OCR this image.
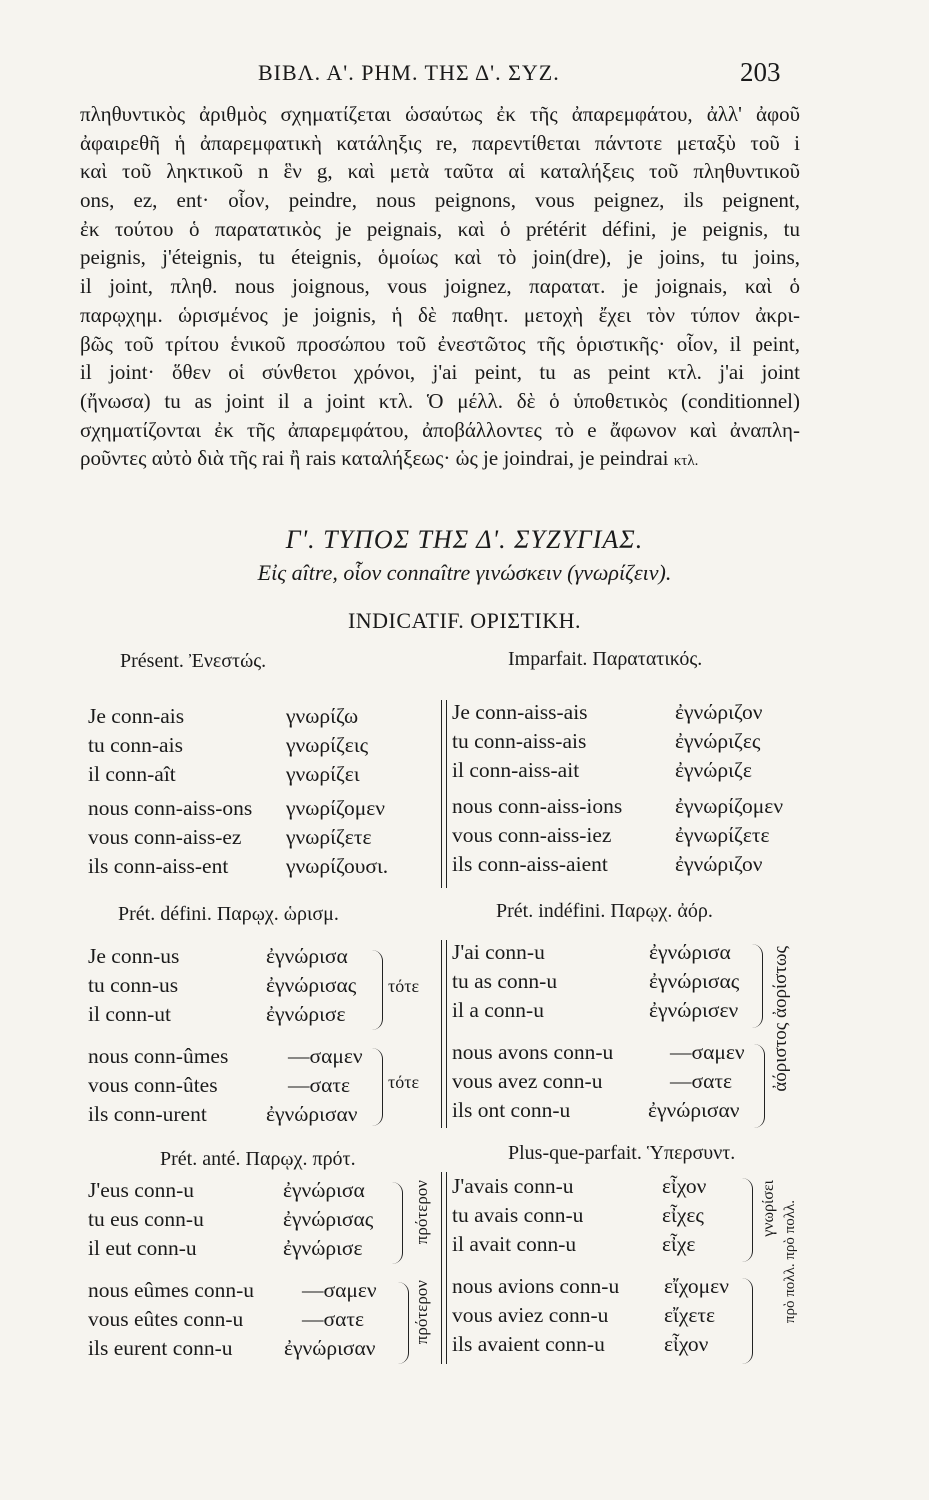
ΒΙΒΛ. Α'. ΡΗΜ. ΤΗΣ Δ'. ΣΥΖ.	203
πληθυντικὸς ἀριθμὸς σχηματίζεται ὡσαύτως ἐκ τῆς ἀπαρεμφάτου, ἀλλ' ἀφοῦ
ἀφαιρεθῆ ἡ ἀπαρεμφατικὴ κατάληξις re, παρεντίθεται πάντοτε μεταξὺ τοῦ i
καὶ τοῦ ληκτικοῦ n ἓν g, καὶ μετὰ ταῦτα αἱ καταλήξεις τοῦ πληθυντικοῦ
ons, ez, ent· οἷον, peindre, nous peignons, vous peignez, ils peignent,
ἐκ τούτου ὁ παρατατικὸς je peignais, καὶ ὁ prétérit défini, je peignis, tu
peignis, j'éteignis, tu éteignis, ὁμοίως καὶ τὸ join(dre), je joins, tu joins,
il joint, πληθ. nous joignous, vous joignez, παρατατ. je joignais, καὶ ὁ
παρῳχημ. ὡρισμένος je joignis, ἡ δὲ παθητ. μετοχὴ ἔχει τὸν τύπον ἀκρι-
βῶς τοῦ τρίτου ἑνικοῦ προσώπου τοῦ ἐνεστῶτος τῆς ὁριστικῆς· οἷον, il peint,
il joint· ὅθεν οἱ σύνθετοι χρόνοι, j'ai peint, tu as peint κτλ. j'ai joint
(ἤνωσα) tu as joint il a joint κτλ. Ὁ μέλλ. δὲ ὁ ὑποθετικὸς (conditionnel)
σχηματίζονται ἐκ τῆς ἀπαρεμφάτου, ἀποβάλλοντες τὸ e ἄφωνον καὶ ἀναπλη-
ροῦντες αὐτὸ διὰ τῆς rai ἢ rais καταλήξεως· ὡς je joindrai, je peindrai κτλ.
Γ'. ΤΥΠΟΣ ΤΗΣ Δ'. ΣΥΖΥΓΙΑΣ.
Εἰς aître, οἷον connaître γινώσκειν (γνωρίζειν).
INDICATIF. ΟΡΙΣΤΙΚΗ.
Présent. Ἐνεστώς.
Je conn-ais	γνωρίζω
tu conn-ais	γνωρίζεις
il conn-aît	γνωρίζει
nous conn-aiss-ons γνωρίζομεν
vous conn-aiss-ez γνωρίζετε
ils conn-aiss-ent	γνωρίζουσι.
Prét. défini. Παρῳχ. ὡρισμ.
Je conn-us	ἐγνώρισα
tu conn-us	ἐγνώρισας
il conn-ut	ἐγνώρισε
τότε
nous conn-ûmes	—σαμεν
vous conn-ûtes	—σατε
ils conn-urent	ἐγνώρισαν
τότε
Prét. anté. Παρῳχ. πρότ.
J'eus conn-u	ἐγνώρισα
tu eus conn-u	ἐγνώρισας
il eut conn-u	ἐγνώρισε
nous eûmes conn-u —σαμεν
vous eûtes conn-u	—σατε
ils eurent conn-u ἐγνώρισαν
πρότερον
πρότερον
Imparfait. Παρατατικός.
Je conn-aiss-ais	ἐγνώριζον
tu conn-aiss-ais	ἐγνώριζες
il conn-aiss-ait	ἐγνώριζε
nous conn-aiss-ions ἐγνωρίζομεν
vous conn-aiss-iez	ἐγνωρίζετε
ils conn-aiss-aient	ἐγνώριζον
Prét. indéfini. Παρῳχ. ἀόρ.
J'ai conn-u	ἐγνώρισα
tu as conn-u	ἐγνώρισας
il a conn-u	ἐγνώρισεν
nous avons conn-u	—σαμεν
vous avez conn-u	—σατε
ils ont conn-u	ἐγνώρισαν
ἀόριστος ἀορίστως
Plus-que-parfait. Ὑπερσυντ.
J'avais conn-u	εἶχον
tu avais conn-u	εἶχες
il avait conn-u	εἶχε
nous avions conn-u εἴχομεν
vous aviez conn-u	εἴχετε
ils avaient conn-u	εἶχον
γνωρίσει πρὸ πολλ. πρὸ πολλ.
